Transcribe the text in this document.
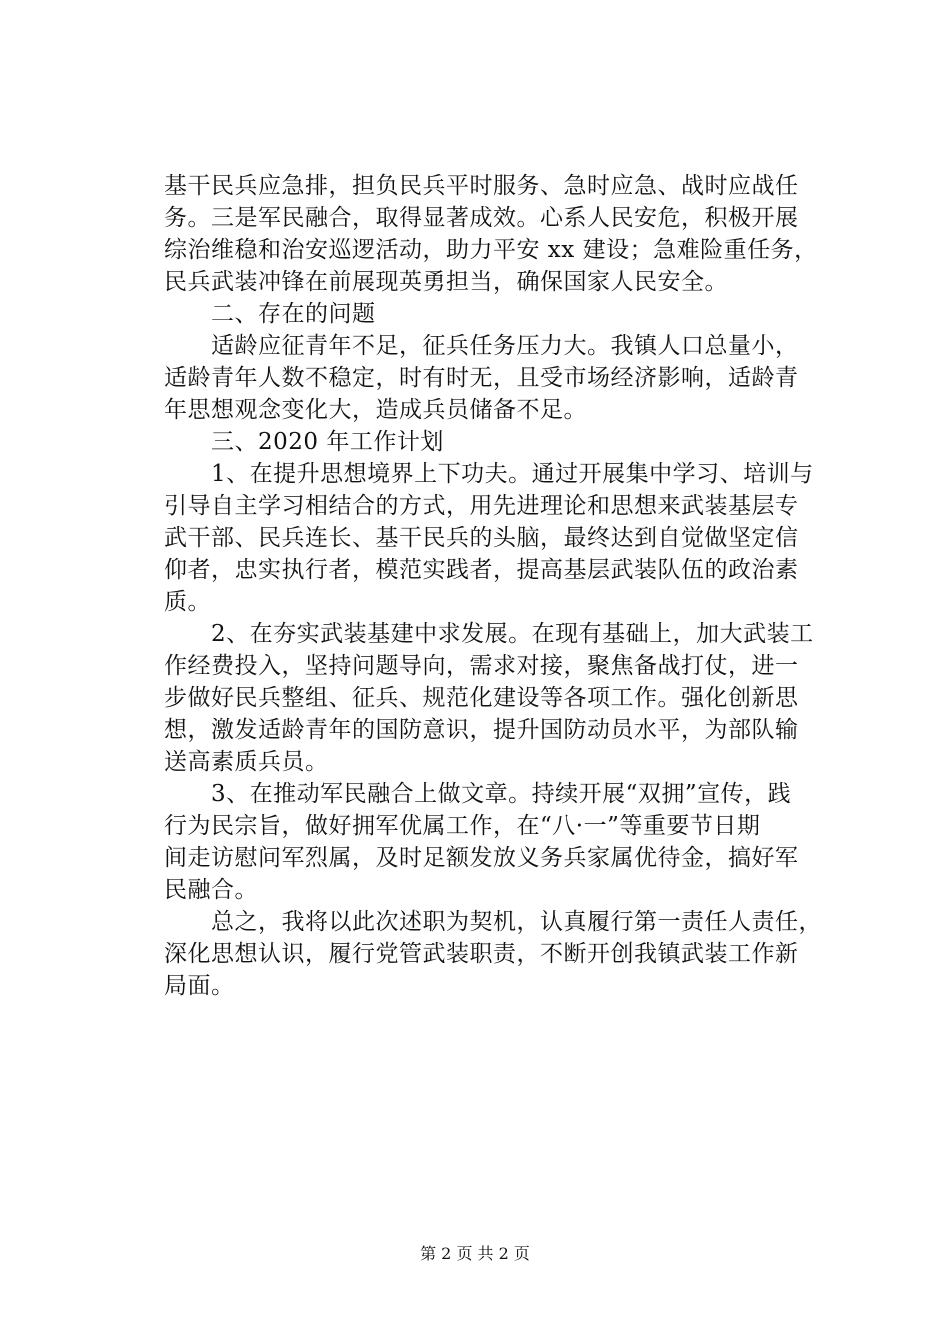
基干民兵应急排，担负民兵平时服务、急时应急、战时应战任
务。三是军民融合，取得显著成效。心系人民安危，积极开展
综治维稳和治安巡逻活动，助力平安 xx 建设；急难险重任务，
民兵武装冲锋在前展现英勇担当，确保国家人民安全。
　　二、存在的问题
　　适龄应征青年不足，征兵任务压力大。我镇人口总量小，
适龄青年人数不稳定，时有时无，且受市场经济影响，适龄青
年思想观念变化大，造成兵员储备不足。
　　三、2020 年工作计划
　　1、在提升思想境界上下功夫。通过开展集中学习、培训与
引导自主学习相结合的方式，用先进理论和思想来武装基层专
武干部、民兵连长、基干民兵的头脑，最终达到自觉做坚定信
仰者，忠实执行者，模范实践者，提高基层武装队伍的政治素
质。
　　2、在夯实武装基建中求发展。在现有基础上，加大武装工
作经费投入，坚持问题导向，需求对接，聚焦备战打仗，进一
步做好民兵整组、征兵、规范化建设等各项工作。强化创新思
想，激发适龄青年的国防意识，提升国防动员水平，为部队输
送高素质兵员。
　　3、在推动军民融合上做文章。持续开展“双拥”宣传，践
行为民宗旨，做好拥军优属工作，在“八·一”等重要节日期
间走访慰问军烈属，及时足额发放义务兵家属优待金，搞好军
民融合。
　　总之，我将以此次述职为契机，认真履行第一责任人责任，
深化思想认识，履行党管武装职责，不断开创我镇武装工作新
局面。
第 2 页 共 2 页
